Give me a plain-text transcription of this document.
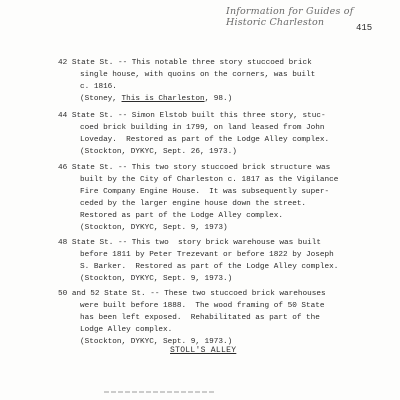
Information for Guides of
Historic Charleston	415
42 State St. -- This notable three story stuccoed brick
single house, with quoins on the corners, was built
c. 1816.
(Stoney, This is Charleston, 98.)
44 State St. -- Simon Elstob built this three story, stuc-
coed brick building in 1799, on land leased from John
Loveday.  Restored as part of the Lodge Alley complex.
(Stockton, DYKYC, Sept. 26, 1973.)
46 State St. -- This two story stuccoed brick structure was
built by the City of Charleston c. 1817 as the Vigilance
Fire Company Engine House.  It was subsequently super-
ceded by the larger engine house down the street.
Restored as part of the Lodge Alley complex.
(Stockton, DYKYC, Sept. 9, 1973)
48 State St. -- This two  story brick warehouse was built
before 1811 by Peter Trezevant or before 1822 by Joseph
S. Barker.  Restored as part of the Lodge Alley complex.
(Stockton, DYKYC, Sept. 9, 1973.)
50 and 52 State St. -- These two stuccoed brick warehouses
were built before 1888.  The wood framing of 50 State
has been left exposed.  Rehabilitated as part of the
Lodge Alley complex.
(Stockton, DYKYC, Sept. 9, 1973.)
STOLL'S ALLEY
